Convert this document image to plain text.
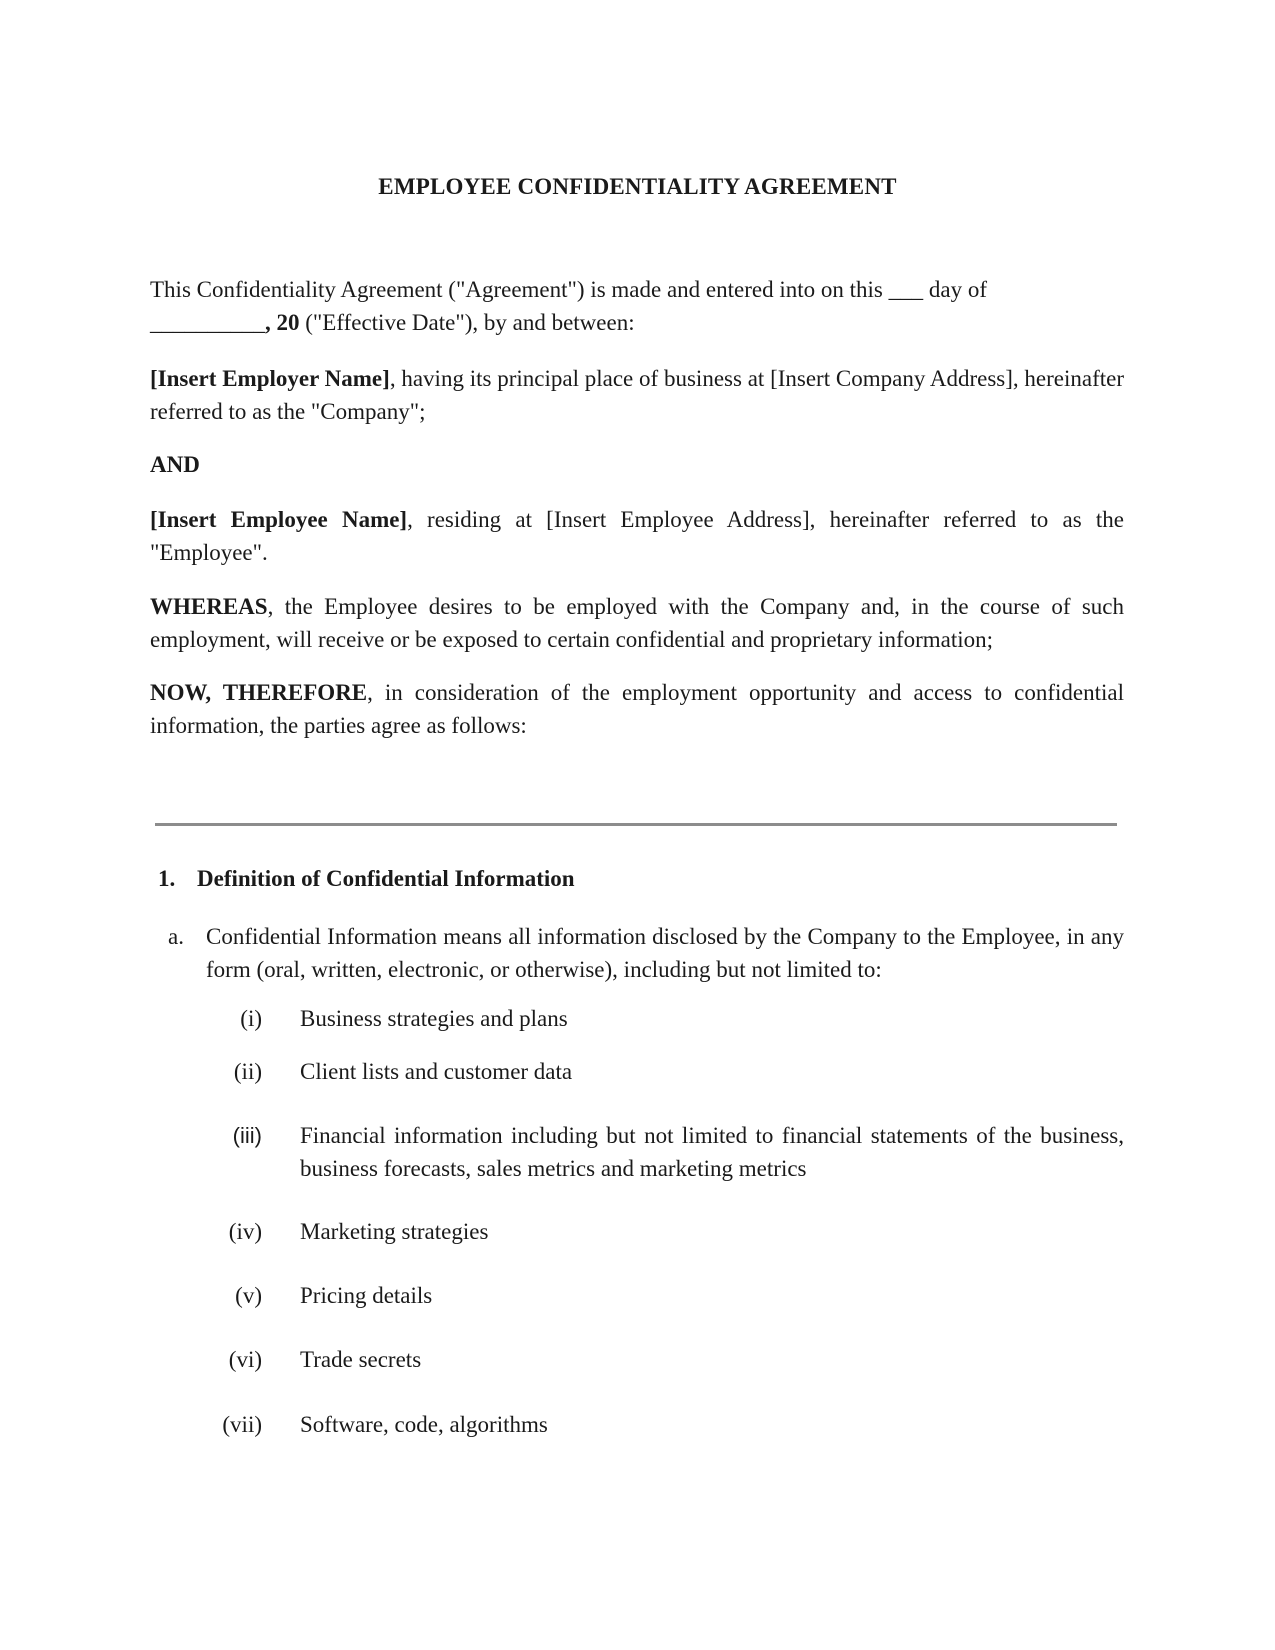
EMPLOYEE CONFIDENTIALITY AGREEMENT

This Confidentiality Agreement ("Agreement") is made and entered into on this ___ day of
__________, 20 ("Effective Date"), by and between:

[Insert Employer Name], having its principal place of business at [Insert Company Address], hereinafter referred to as the "Company";

AND

[Insert Employee Name], residing at [Insert Employee Address], hereinafter referred to as the "Employee".

WHEREAS, the Employee desires to be employed with the Company and, in the course of such employment, will receive or be exposed to certain confidential and proprietary information;

NOW, THEREFORE, in consideration of the employment opportunity and access to confidential information, the parties agree as follows:

1. Definition of Confidential Information
a. Confidential Information means all information disclosed by the Company to the Employee, in any form (oral, written, electronic, or otherwise), including but not limited to:
(i) Business strategies and plans
(ii) Client lists and customer data
(iii) Financial information including but not limited to financial statements of the business, business forecasts, sales metrics and marketing metrics
(iv) Marketing strategies
(v) Pricing details
(vi) Trade secrets
(vii) Software, code, algorithms
